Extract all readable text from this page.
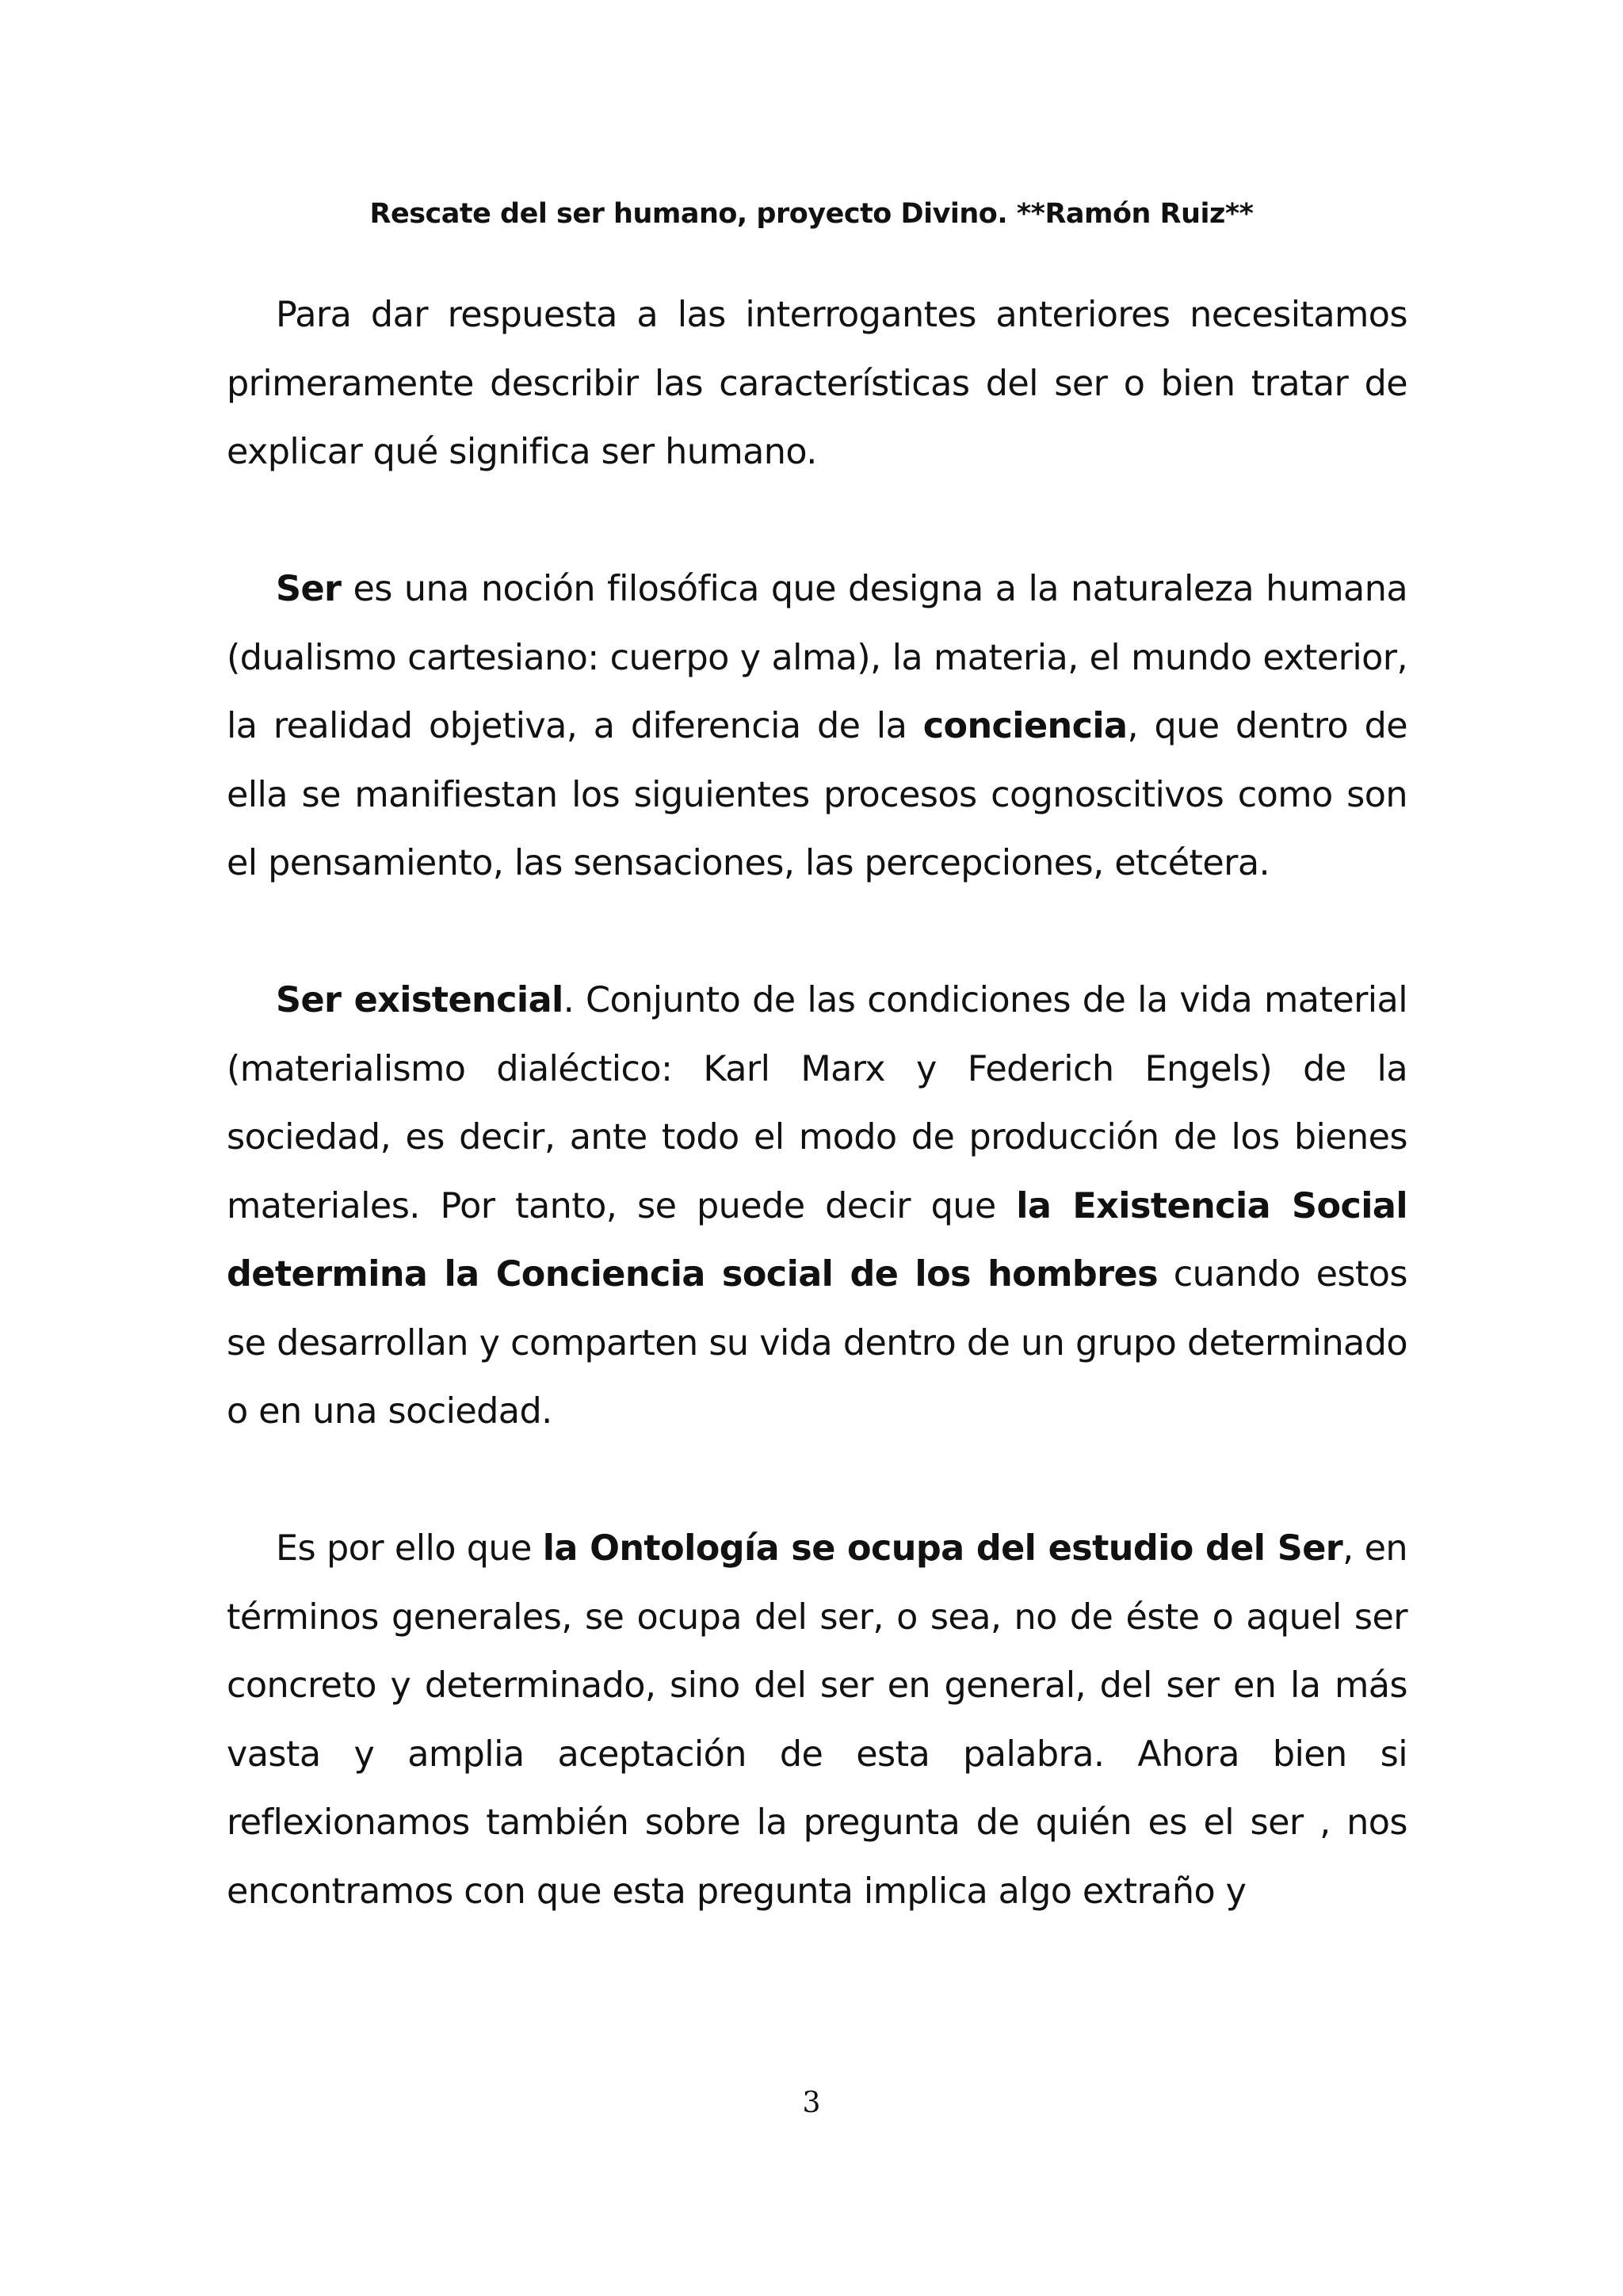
Rescate del ser humano, proyecto Divino. **Ramón Ruiz**

Para dar respuesta a las interrogantes anteriores necesitamos primeramente describir las características del ser o bien tratar de explicar qué significa ser humano.

Ser es una noción filosófica que designa a la naturaleza humana (dualismo cartesiano: cuerpo y alma), la materia, el mundo exterior, la realidad objetiva, a diferencia de la conciencia, que dentro de ella se manifiestan los siguientes procesos cognoscitivos como son el pensamiento, las sensaciones, las percepciones, etcétera.

Ser existencial. Conjunto de las condiciones de la vida material (materialismo dialéctico: Karl Marx y Federich Engels) de la sociedad, es decir, ante todo el modo de producción de los bienes materiales. Por tanto, se puede decir que la Existencia Social determina la Conciencia social de los hombres cuando estos se desarrollan y comparten su vida dentro de un grupo determinado o en una sociedad.

Es por ello que la Ontología se ocupa del estudio del Ser, en términos generales, se ocupa del ser, o sea, no de éste o aquel ser concreto y determinado, sino del ser en general, del ser en la más vasta y amplia aceptación de esta palabra. Ahora bien si reflexionamos también sobre la pregunta de quién es el ser , nos encontramos con que esta pregunta implica algo extraño y

3
